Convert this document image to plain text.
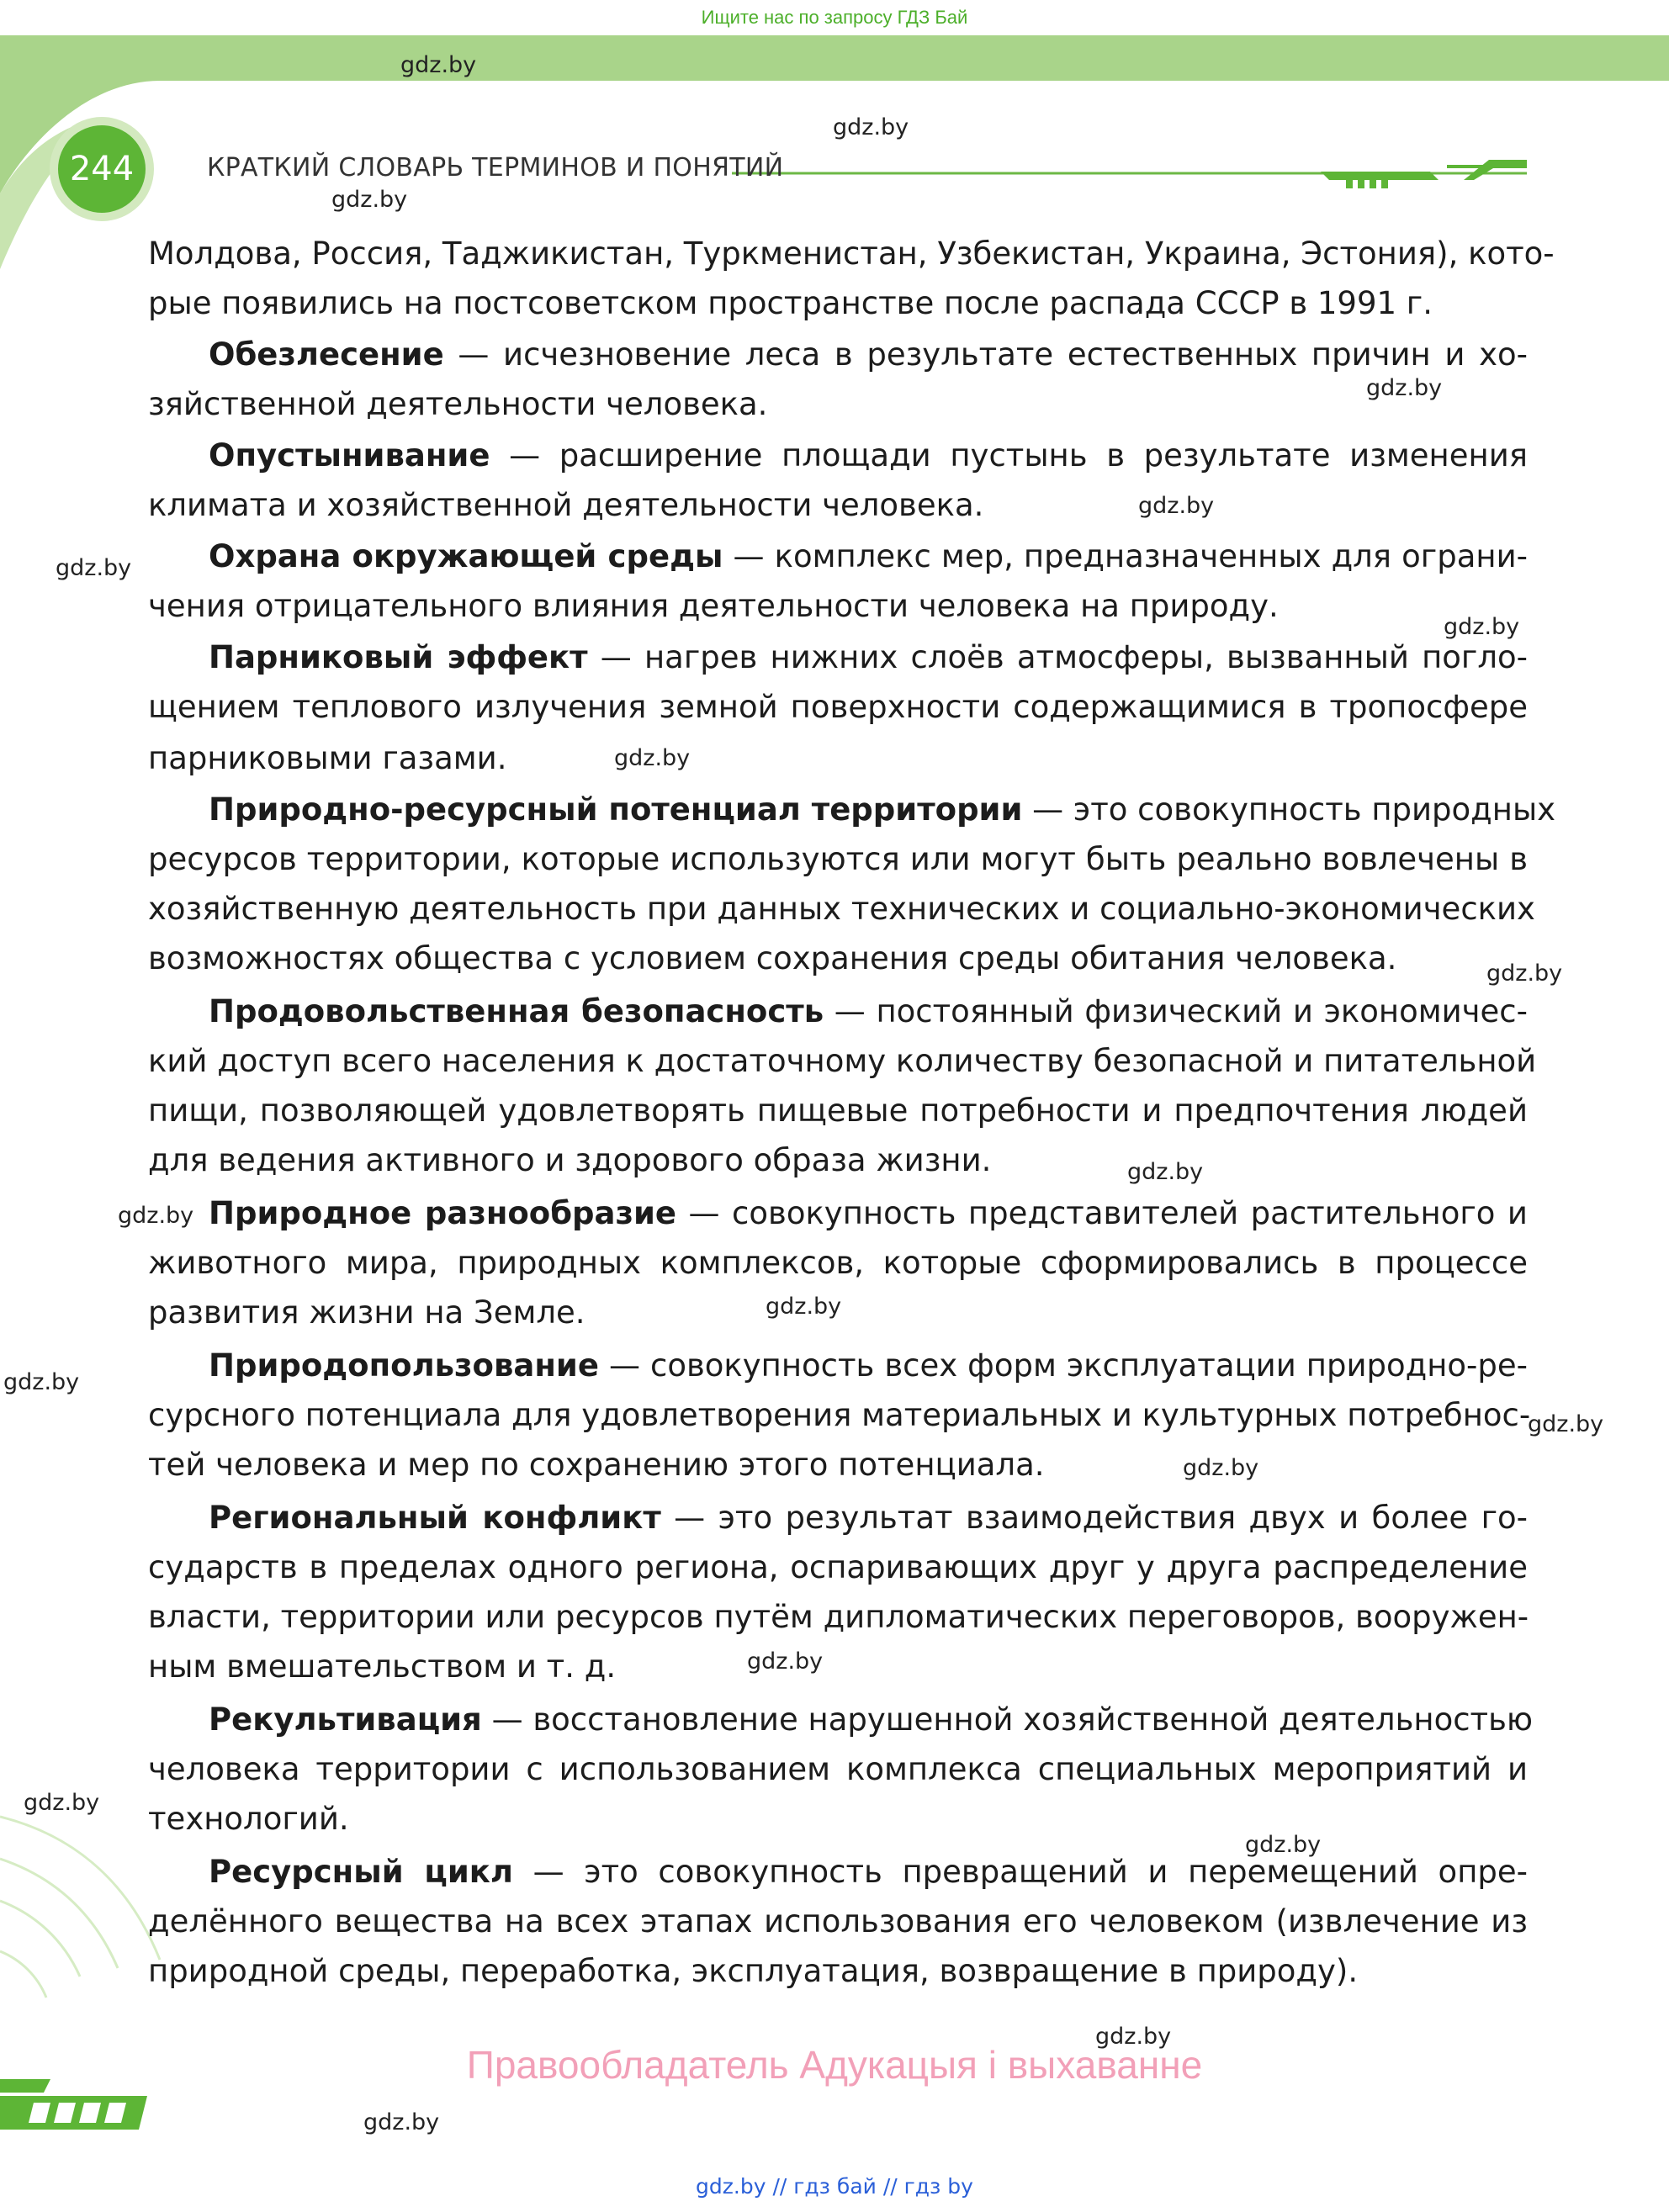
Ищите нас по запросу ГДЗ Бай
244	КРАТКИЙ СЛОВАРЬ ТЕРМИНОВ И ПОНЯТИЙ
Молдова, Россия, Таджикистан, Туркменистан, Узбекистан, Украина, Эстония), кото-
рые появились на постсоветском пространстве после распада СССР в 1991 г.
Обезлесение — исчезновение леса в результате естественных причин и хо-
зяйственной деятельности человека.
Опустынивание — расширение площади пустынь в результате изменения
климата и хозяйственной деятельности человека.
Охрана окружающей среды — комплекс мер, предназначенных для ограни-
чения отрицательного влияния деятельности человека на природу.
Парниковый эффект — нагрев нижних слоёв атмосферы, вызванный погло-
щением теплового излучения земной поверхности содержащимися в тропосфере
парниковыми газами.
Природно-ресурсный потенциал территории — это совокупность природных
ресурсов территории, которые используются или могут быть реально вовлечены в
хозяйственную деятельность при данных технических и социально-экономических
возможностях общества с условием сохранения среды обитания человека.
Продовольственная безопасность — постоянный физический и экономичес-
кий доступ всего населения к достаточному количеству безопасной и питательной
пищи, позволяющей удовлетворять пищевые потребности и предпочтения людей
для ведения активного и здорового образа жизни.
Природное разнообразие — совокупность представителей растительного и
животного мира, природных комплексов, которые сформировались в процессе
развития жизни на Земле.
Природопользование — совокупность всех форм эксплуатации природно-ре-
сурсного потенциала для удовлетворения материальных и культурных потребнос-
тей человека и мер по сохранению этого потенциала.
Региональный конфликт — это результат взаимодействия двух и более го-
сударств в пределах одного региона, оспаривающих друг у друга распределение
власти, территории или ресурсов путём дипломатических переговоров, вооружен-
ным вмешательством и т. д.
Рекультивация — восстановление нарушенной хозяйственной деятельностью
человека территории с использованием комплекса специальных мероприятий и
технологий.
Ресурсный цикл — это совокупность превращений и перемещений опре-
делённого вещества на всех этапах использования его человеком (извлечение из
природной среды, переработка, эксплуатация, возвращение в природу).
gdz.by
gdz.by
gdz.by
gdz.by
gdz.by
gdz.by
gdz.by
gdz.by
gdz.by
gdz.by
gdz.by
gdz.by
gdz.by
gdz.by
gdz.by
gdz.by
gdz.by
gdz.by
gdz.by
gdz.by
Правообладатель Адукацыя і выхаванне
gdz.by // гдз бай // гдз by
